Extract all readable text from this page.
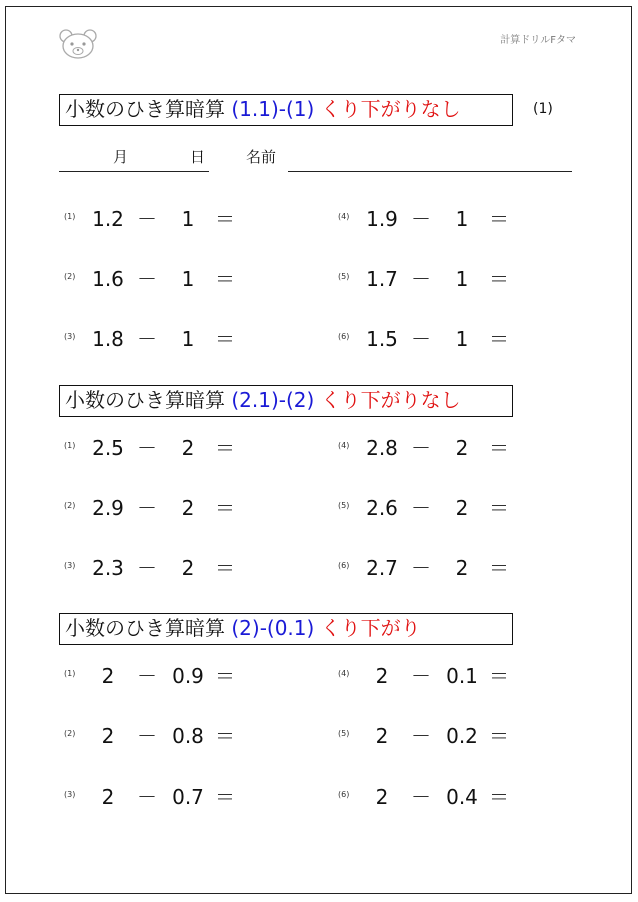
計算ドリルFタマ
小数のひき算暗算 (1.1)-(1) くり下がりなし	(1)
月	日	名前
小数のひき算暗算 (2.1)-(2) くり下がりなし
小数のひき算暗算 (2)-(0.1) くり下がり
(1) 1.2 －	1	＝
(2) 1.6 －	1	＝
(3) 1.8 －	1	＝
(4) 1.9 －	1	＝
(5) 1.7 －	1	＝
(6) 1.5 －	1	＝
(1) 2.5 －	2	＝
(2) 2.9 －	2	＝
(3) 2.3 －	2	＝
(4) 2.8 －	2	＝
(5) 2.6 －	2	＝
(6) 2.7 －	2	＝
(1)	2	－ 0.9 ＝
(2)	2	－ 0.8 ＝
(3)	2	－ 0.7 ＝
(4)	2	－ 0.1 ＝
(5)	2	－ 0.2 ＝
(6)	2	－ 0.4 ＝
